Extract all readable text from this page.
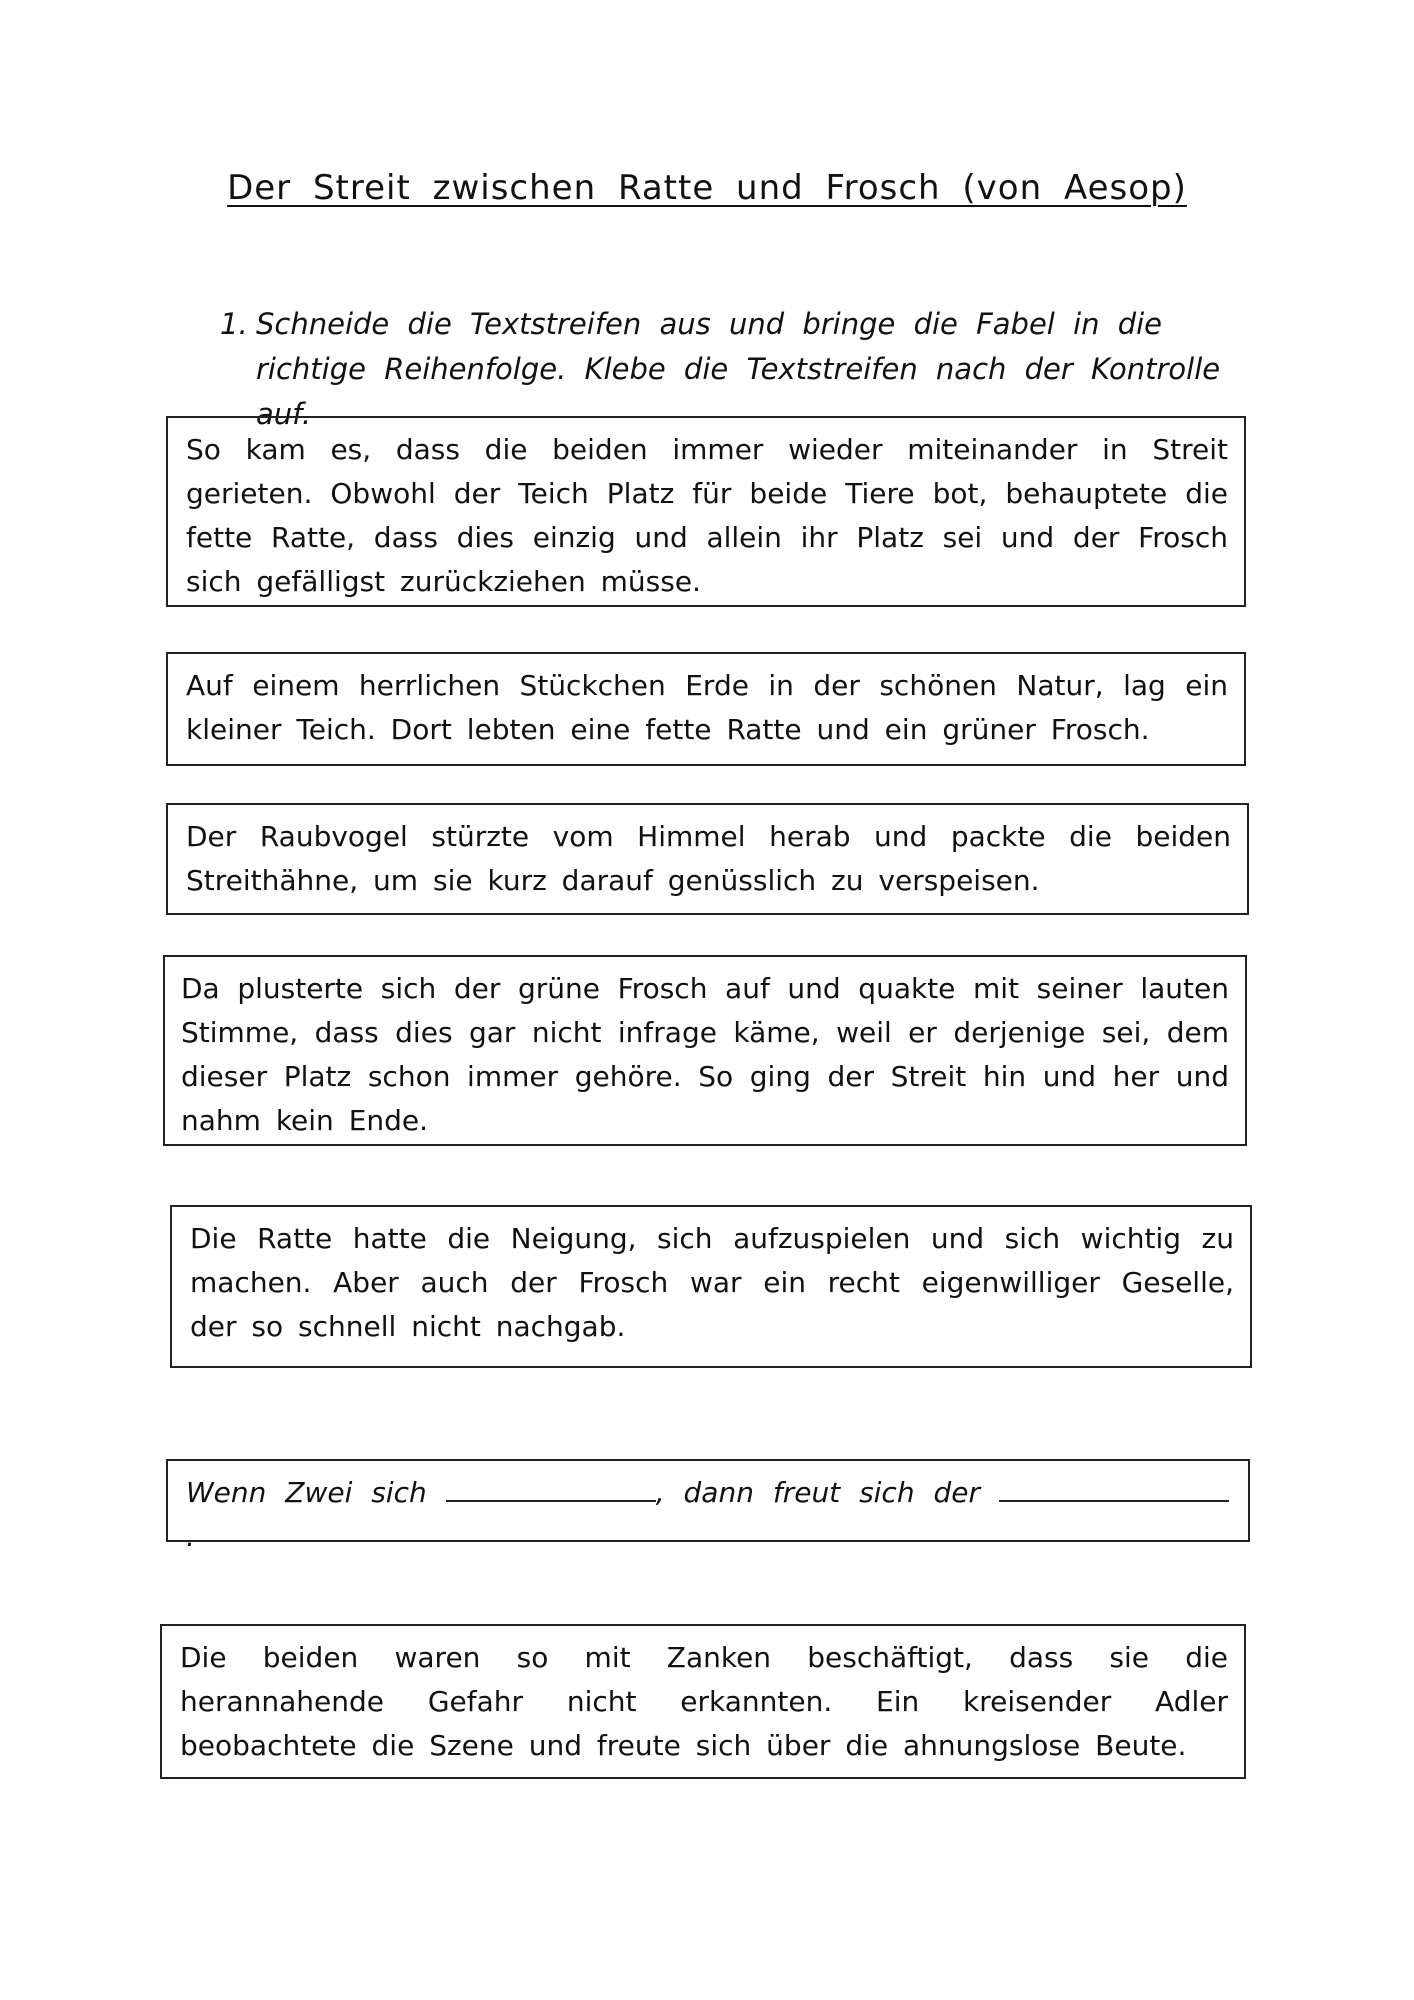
Der Streit zwischen Ratte und Frosch (von Aesop)
1. Schneide die Textstreifen aus und bringe die Fabel in die richtige Reihenfolge. Klebe die Textstreifen nach der Kontrolle auf.

So kam es, dass die beiden immer wieder miteinander in Streit gerieten. Obwohl der Teich Platz für beide Tiere bot, behauptete die fette Ratte, dass dies einzig und allein ihr Platz sei und der Frosch sich gefälligst zurückziehen müsse.

Auf einem herrlichen Stückchen Erde in der schönen Natur, lag ein kleiner Teich. Dort lebten eine fette Ratte und ein grüner Frosch.

Der Raubvogel stürzte vom Himmel herab und packte die beiden Streithähne, um sie kurz darauf genüsslich zu verspeisen.

Da plusterte sich der grüne Frosch auf und quakte mit seiner lauten Stimme, dass dies gar nicht infrage käme, weil er derjenige sei, dem dieser Platz schon immer gehöre. So ging der Streit hin und her und nahm kein Ende.

Die Ratte hatte die Neigung, sich aufzuspielen und sich wichtig zu machen. Aber auch der Frosch war ein recht eigenwilliger Geselle, der so schnell nicht nachgab.

Wenn Zwei sich	, dann freut sich der .

Die beiden waren so mit Zanken beschäftigt, dass sie die herannahende Gefahr nicht erkannten. Ein kreisender Adler beobachtete die Szene und freute sich über die ahnungslose Beute.
